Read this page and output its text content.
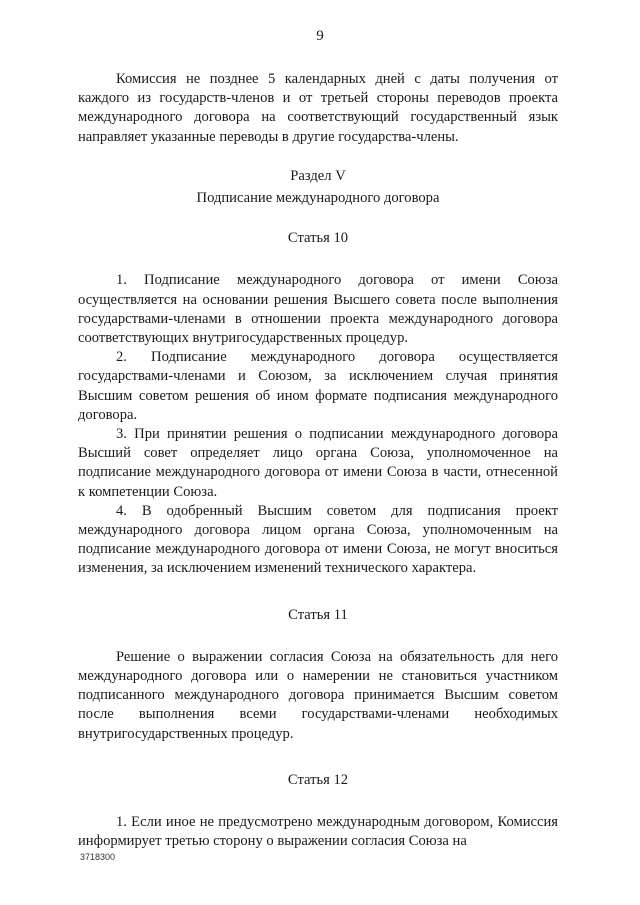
9

Комиссия не позднее 5 календарных дней с даты получения от каждого из государств-членов и от третьей стороны переводов проекта международного договора на соответствующий государственный язык направляет указанные переводы в другие государства-члены.

Раздел V

Подписание международного договора

Статья 10

1. Подписание международного договора от имени Союза осуществляется на основании решения Высшего совета после выполнения государствами-членами в отношении проекта международного договора соответствующих внутригосударственных процедур.

2. Подписание международного договора осуществляется государствами-членами и Союзом, за исключением случая принятия Высшим советом решения об ином формате подписания международного договора.

3. При принятии решения о подписании международного договора Высший совет определяет лицо органа Союза, уполномоченное на подписание международного договора от имени Союза в части, отнесенной к компетенции Союза.

4. В одобренный Высшим советом для подписания проект международного договора лицом органа Союза, уполномоченным на подписание международного договора от имени Союза, не могут вноситься изменения, за исключением изменений технического характера.

Статья 11

Решение о выражении согласия Союза на обязательность для него международного договора или о намерении не становиться участником подписанного международного договора принимается Высшим советом после выполнения всеми государствами-членами необходимых внутригосударственных процедур.

Статья 12

1. Если иное не предусмотрено международным договором, Комиссия информирует третью сторону о выражении согласия Союза на

3718300
